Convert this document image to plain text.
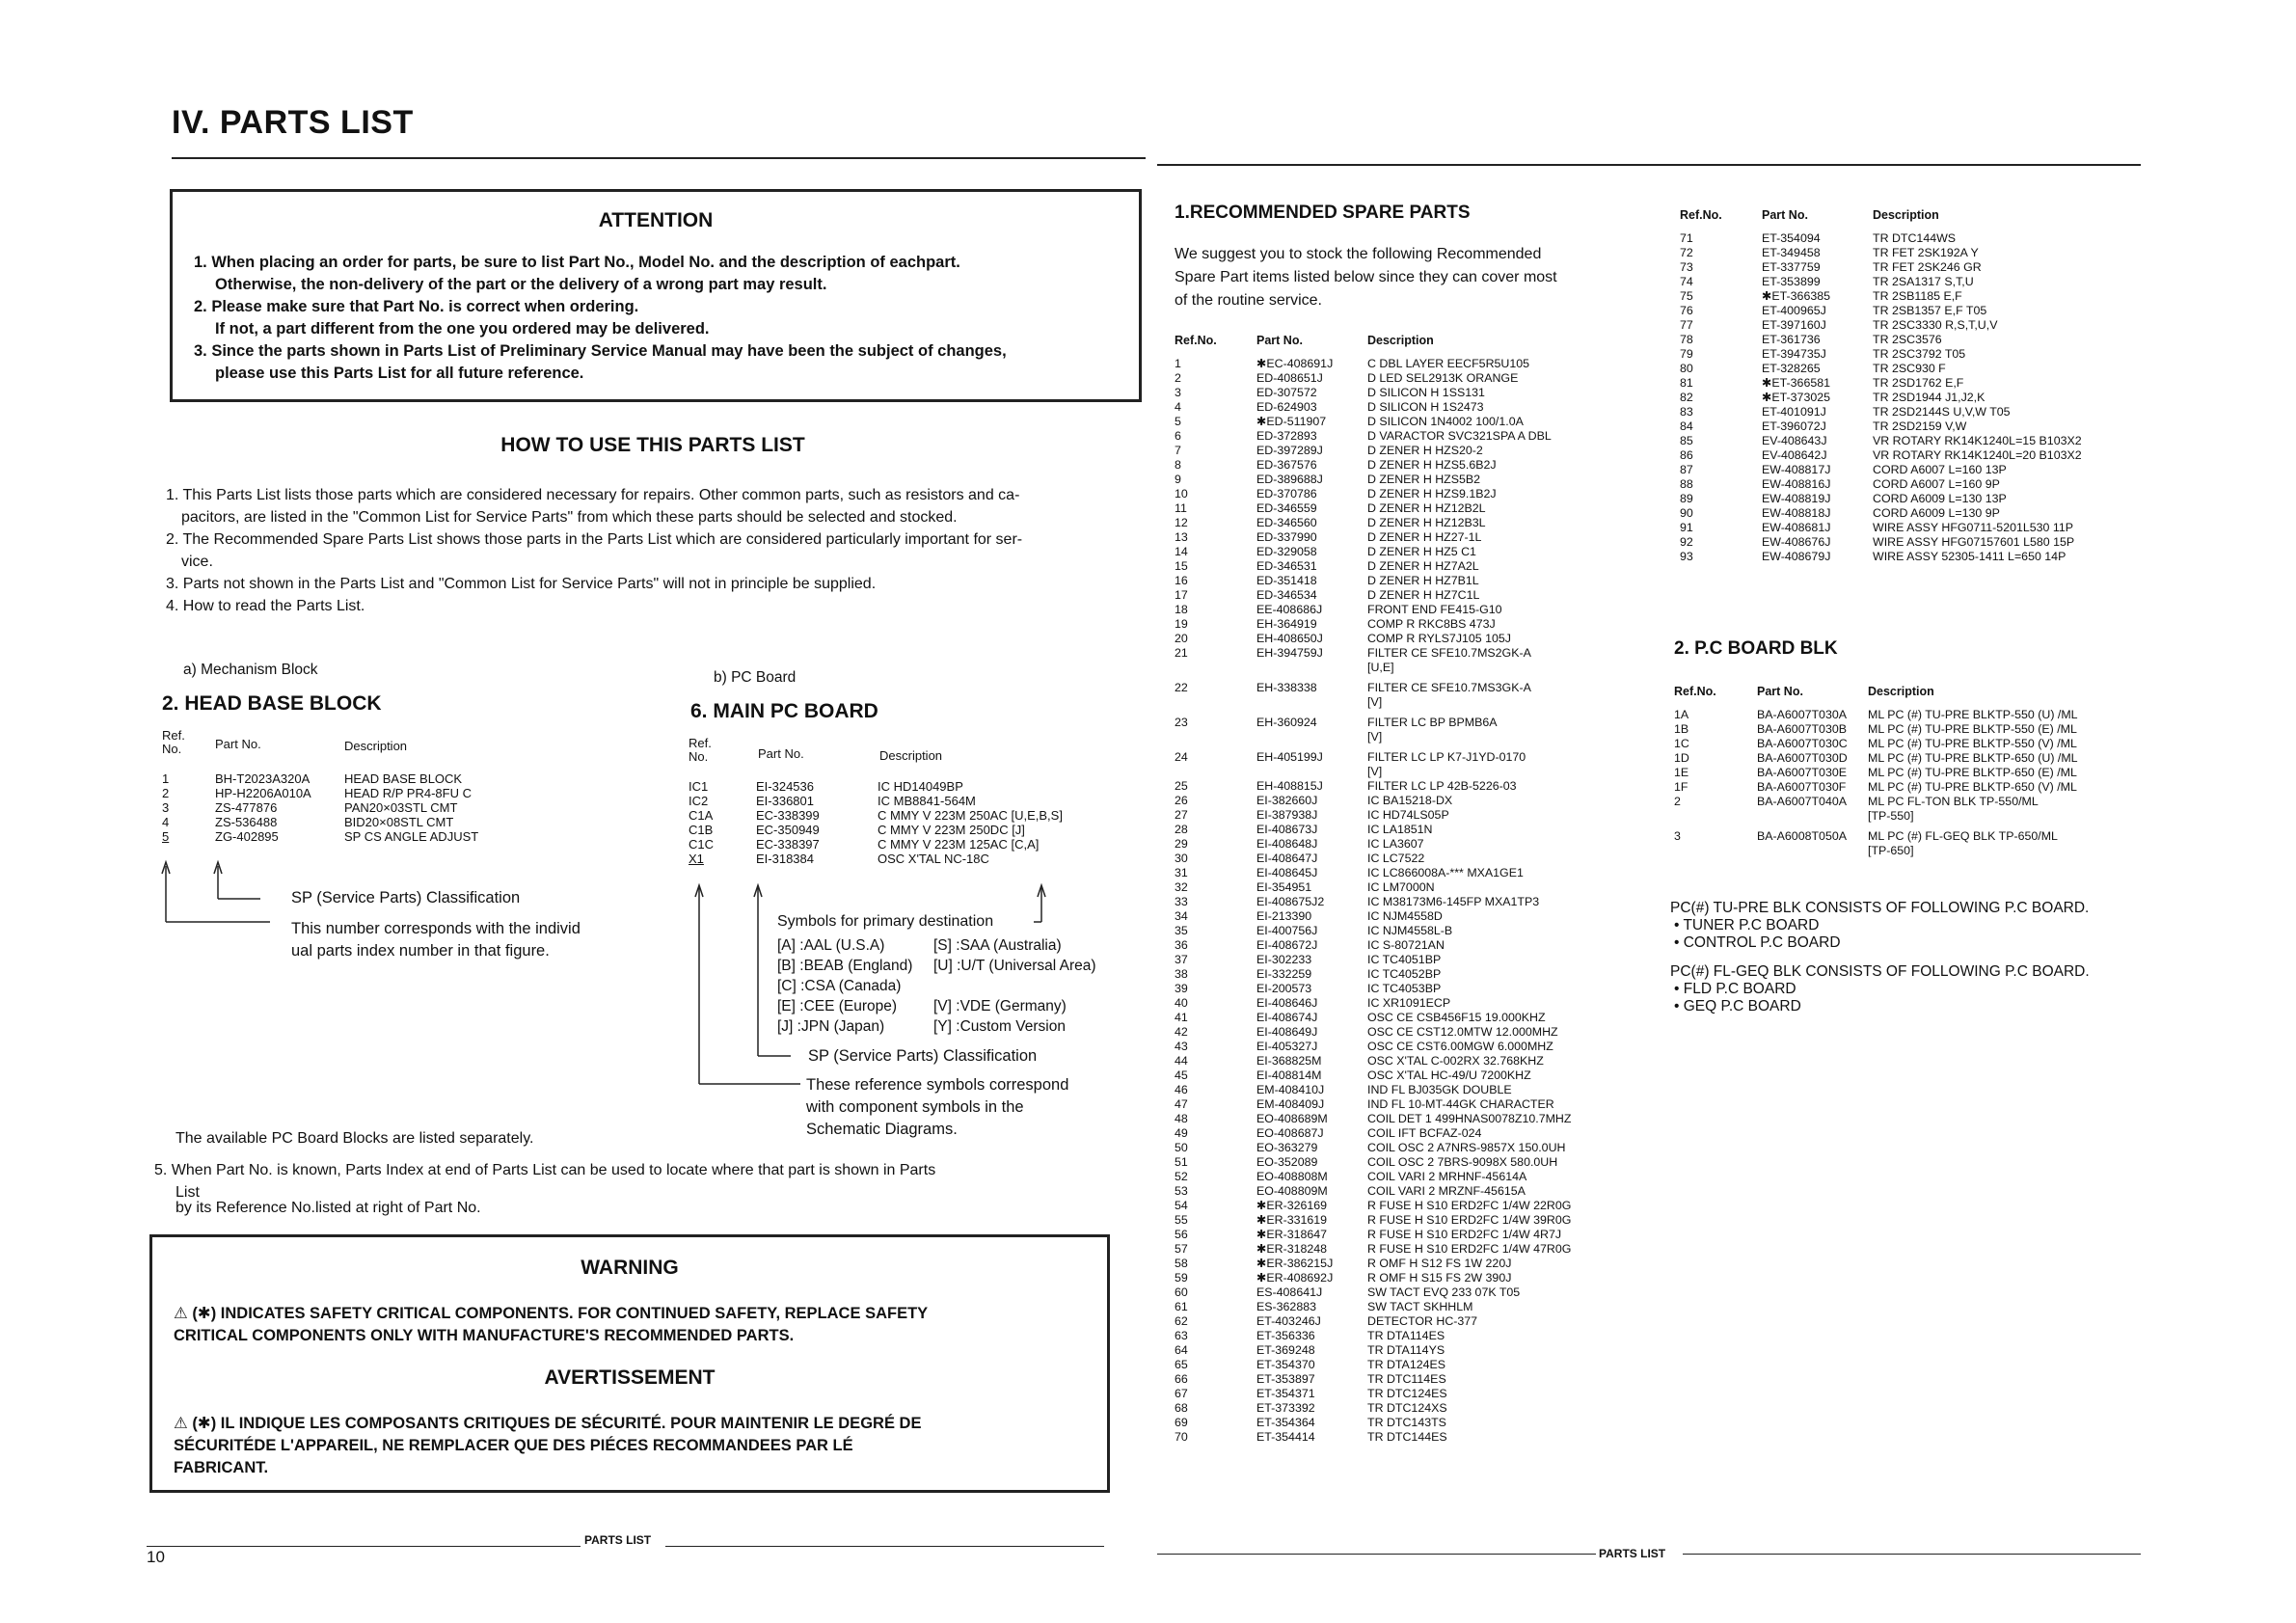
IV. PARTS LIST
ATTENTION
1. When placing an order for parts, be sure to list Part No., Model No. and the description of eachpart.
Otherwise, the non-delivery of the part or the delivery of a wrong part may result.
2. Please make sure that Part No. is correct when ordering.
If not, a part different from the one you ordered may be delivered.
3. Since the parts shown in Parts List of Preliminary Service Manual may have been the subject of changes,
please use this Parts List for all future reference.
HOW TO USE THIS PARTS LIST
1. This Parts List lists those parts which are considered necessary for repairs. Other common parts, such as resistors and ca-
pacitors, are listed in the "Common List for Service Parts" from which these parts should be selected and stocked.
2. The Recommended Spare Parts List shows those parts in the Parts List which are considered particularly important for ser-
vice.
3. Parts not shown in the Parts List and "Common List for Service Parts" will not in principle be supplied.
4. How to read the Parts List.
a) Mechanism Block
2. HEAD BASE BLOCK
Ref. No.	Part No.	Description
1	BH-T2023A320A	HEAD BASE BLOCK
2	HP-H2206A010A	HEAD R/P PR4-8FU C
3	ZS-477876	PAN20×03STL CMT
4	ZS-536488	BID20×08STL CMT
5	ZG-402895	SP CS ANGLE ADJUST
SP (Service Parts) Classification
This number corresponds with the individ
ual parts index number in that figure.
b) PC Board
6. MAIN PC BOARD
Ref. No.	Part No.	Description
IC1	EI-324536	IC HD14049BP
IC2	EI-336801	IC MB8841-564M
C1A	EC-338399	C MMY V 223M 250AC [U,E,B,S]
C1B	EC-350949	C MMY V 223M 250DC [J]
C1C	EC-338397	C MMY V 223M 125AC [C,A]
X1	EI-318384	OSC X'TAL NC-18C
Symbols for primary destination
[A] :AAL (U.S.A)	[S] :SAA (Australia)
[B] :BEAB (England) [U] :U/T (Universal Area)
[C] :CSA (Canada)
[E] :CEE (Europe) [V] :VDE (Germany)
[J] :JPN (Japan)	[Y] :Custom Version
SP (Service Parts) Classification
These reference symbols correspond
with component symbols in the
Schematic Diagrams.
The available PC Board Blocks are listed separately.
5. When Part No. is known, Parts Index at end of Parts List can be used to locate where that part is shown in Parts
List
by its Reference No.listed at right of Part No.
WARNING
⚠ (✱) INDICATES SAFETY CRITICAL COMPONENTS. FOR CONTINUED SAFETY, REPLACE SAFETY
CRITICAL COMPONENTS ONLY WITH MANUFACTURE'S RECOMMENDED PARTS.
AVERTISSEMENT
⚠ (✱) IL INDIQUE LES COMPOSANTS CRITIQUES DE SÉCURITÉ. POUR MAINTENIR LE DEGRÉ DE
SÉCURITÉDE L'APPAREIL, NE REMPLACER QUE DES PIÉCES RECOMMANDEES PAR LÉ
FABRICANT.
PARTS LIST
10
1.RECOMMENDED SPARE PARTS
We suggest you to stock the following Recommended
Spare Part items listed below since they can cover most
of the routine service.
Ref.No.	Part No.	Description
1	✱EC-408691J	C DBL LAYER EECF5R5U105
2	ED-408651J	D LED SEL2913K ORANGE
3	ED-307572	D SILICON H 1SS131
4	ED-624903	D SILICON H 1S2473
5	✱ED-511907	D SILICON 1N4002 100/1.0A
6	ED-372893	D VARACTOR SVC321SPA A DBL
7	ED-397289J	D ZENER H HZS20-2
8	ED-367576	D ZENER H HZS5.6B2J
9	ED-389688J	D ZENER H HZS5B2
10	ED-370786	D ZENER H HZS9.1B2J
11	ED-346559	D ZENER H HZ12B2L
12	ED-346560	D ZENER H HZ12B3L
13	ED-337990	D ZENER H HZ27-1L
14	ED-329058	D ZENER H HZ5 C1
15	ED-346531	D ZENER H HZ7A2L
16	ED-351418	D ZENER H HZ7B1L
17	ED-346534	D ZENER H HZ7C1L
18	EE-408686J	FRONT END FE415-G10
19	EH-364919	COMP R RKC8BS 473J
20	EH-408650J	COMP R RYLS7J105 105J
21	EH-394759J	FILTER CE SFE10.7MS2GK-A
		[U,E]
22	EH-338338	FILTER CE SFE10.7MS3GK-A
		[V]
23	EH-360924	FILTER LC BP BPMB6A
		[V]
24	EH-405199J	FILTER LC LP K7-J1YD-0170
		[V]
25	EH-408815J	FILTER LC LP 42B-5226-03
26	EI-382660J	IC BA15218-DX
27	EI-387938J	IC HD74LS05P
28	EI-408673J	IC LA1851N
29	EI-408648J	IC LA3607
30	EI-408647J	IC LC7522
31	EI-408645J	IC LC866008A-*** MXA1GE1
32	EI-354951	IC LM7000N
33	EI-408675J2	IC M38173M6-145FP MXA1TP3
34	EI-213390	IC NJM4558D
35	EI-400756J	IC NJM4558L-B
36	EI-408672J	IC S-80721AN
37	EI-302233	IC TC4051BP
38	EI-332259	IC TC4052BP
39	EI-200573	IC TC4053BP
40	EI-408646J	IC XR1091ECP
41	EI-408674J	OSC CE CSB456F15 19.000KHZ
42	EI-408649J	OSC CE CST12.0MTW 12.000MHZ
43	EI-405327J	OSC CE CST6.00MGW 6.000MHZ
44	EI-368825M	OSC X'TAL C-002RX 32.768KHZ
45	EI-408814M	OSC X'TAL HC-49/U 7200KHZ
46	EM-408410J	IND FL BJ035GK DOUBLE
47	EM-408409J	IND FL 10-MT-44GK CHARACTER
48	EO-408689M	COIL DET 1 499HNAS0078Z10.7MHZ
49	EO-408687J	COIL IFT BCFAZ-024
50	EO-363279	COIL OSC 2 A7NRS-9857X 150.0UH
51	EO-352089	COIL OSC 2 7BRS-9098X 580.0UH
52	EO-408808M	COIL VARI 2 MRHNF-45614A
53	EO-408809M	COIL VARI 2 MRZNF-45615A
54	✱ER-326169	R FUSE H S10 ERD2FC 1/4W 22R0G
55	✱ER-331619	R FUSE H S10 ERD2FC 1/4W 39R0G
56	✱ER-318647	R FUSE H S10 ERD2FC 1/4W 4R7J
57	✱ER-318248	R FUSE H S10 ERD2FC 1/4W 47R0G
58	✱ER-386215J	R OMF H S12 FS 1W 220J
59	✱ER-408692J	R OMF H S15 FS 2W 390J
60	ES-408641J	SW TACT EVQ 233 07K T05
61	ES-362883	SW TACT SKHHLM
62	ET-403246J	DETECTOR HC-377
63	ET-356336	TR DTA114ES
64	ET-369248	TR DTA114YS
65	ET-354370	TR DTA124ES
66	ET-353897	TR DTC114ES
67	ET-354371	TR DTC124ES
68	ET-373392	TR DTC124XS
69	ET-354364	TR DTC143TS
70	ET-354414	TR DTC144ES
Ref.No.	Part No.	Description
71	ET-354094	TR DTC144WS
72	ET-349458	TR FET 2SK192A Y
73	ET-337759	TR FET 2SK246 GR
74	ET-353899	TR 2SA1317 S,T,U
75	✱ET-366385	TR 2SB1185 E,F
76	ET-400965J	TR 2SB1357 E,F T05
77	ET-397160J	TR 2SC3330 R,S,T,U,V
78	ET-361736	TR 2SC3576
79	ET-394735J	TR 2SC3792 T05
80	ET-328265	TR 2SC930 F
81	✱ET-366581	TR 2SD1762 E,F
82	✱ET-373025	TR 2SD1944 J1,J2,K
83	ET-401091J	TR 2SD2144S U,V,W T05
84	ET-396072J	TR 2SD2159 V,W
85	EV-408643J	VR ROTARY RK14K1240L=15 B103X2
86	EV-408642J	VR ROTARY RK14K1240L=20 B103X2
87	EW-408817J	CORD A6007 L=160 13P
88	EW-408816J	CORD A6007 L=160 9P
89	EW-408819J	CORD A6009 L=130 13P
90	EW-408818J	CORD A6009 L=130 9P
91	EW-408681J	WIRE ASSY HFG0711-5201L530 11P
92	EW-408676J	WIRE ASSY HFG07157601 L580 15P
93	EW-408679J	WIRE ASSY 52305-1411 L=650 14P
2. P.C BOARD BLK
Ref.No.	Part No.	Description
1A	BA-A6007T030A	ML PC (#) TU-PRE BLKTP-550 (U) /ML
1B	BA-A6007T030B	ML PC (#) TU-PRE BLKTP-550 (E) /ML
1C	BA-A6007T030C	ML PC (#) TU-PRE BLKTP-550 (V) /ML
1D	BA-A6007T030D	ML PC (#) TU-PRE BLKTP-650 (U) /ML
1E	BA-A6007T030E	ML PC (#) TU-PRE BLKTP-650 (E) /ML
1F	BA-A6007T030F	ML PC (#) TU-PRE BLKTP-650 (V) /ML
2	BA-A6007T040A	ML PC FL-TON BLK TP-550/ML
		[TP-550]
3	BA-A6008T050A	ML PC (#) FL-GEQ BLK TP-650/ML
		[TP-650]
PC(#) TU-PRE BLK CONSISTS OF FOLLOWING P.C BOARD.
• TUNER P.C BOARD
• CONTROL P.C BOARD
PC(#) FL-GEQ BLK CONSISTS OF FOLLOWING P.C BOARD.
• FLD P.C BOARD
• GEQ P.C BOARD
PARTS LIST
